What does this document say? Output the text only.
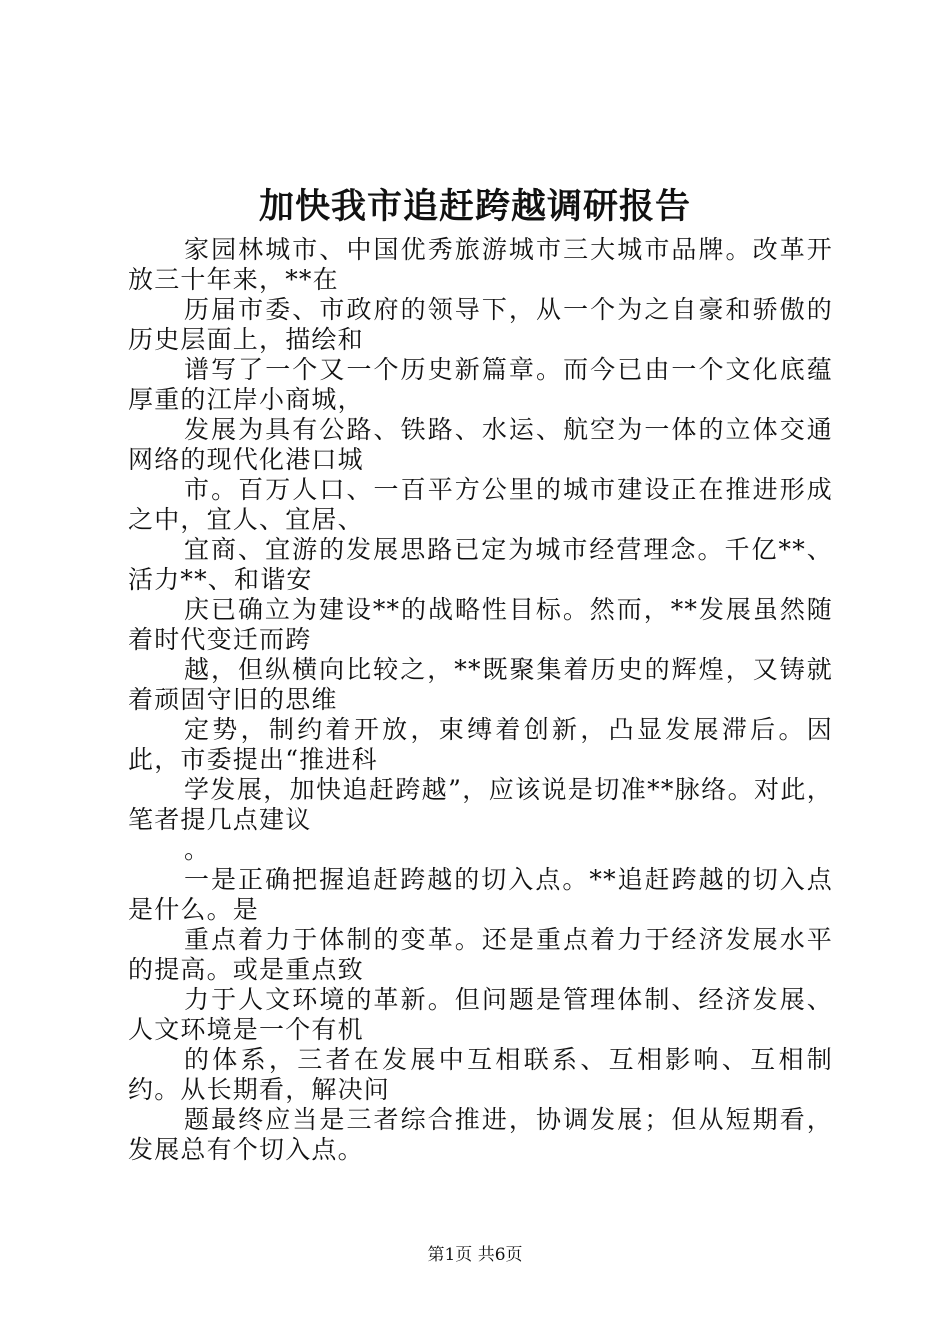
加快我市追赶跨越调研报告

家园林城市、中国优秀旅游城市三大城市品牌。改革开放三十年来，**在

历届市委、市政府的领导下，从一个为之自豪和骄傲的历史层面上，描绘和

谱写了一个又一个历史新篇章。而今已由一个文化底蕴厚重的江岸小商城，

发展为具有公路、铁路、水运、航空为一体的立体交通网络的现代化港口城

市。百万人口、一百平方公里的城市建设正在推进形成之中，宜人、宜居、

宜商、宜游的发展思路已定为城市经营理念。千亿**、活力**、和谐安

庆已确立为建设**的战略性目标。然而，**发展虽然随着时代变迁而跨

越，但纵横向比较之，**既聚集着历史的辉煌，又铸就着顽固守旧的思维

定势，制约着开放，束缚着创新，凸显发展滞后。因此，市委提出“推进科

学发展，加快追赶跨越”，应该说是切准**脉络。对此，笔者提几点建议

。

一是正确把握追赶跨越的切入点。**追赶跨越的切入点是什么。是

重点着力于体制的变革。还是重点着力于经济发展水平的提高。或是重点致

力于人文环境的革新。但问题是管理体制、经济发展、人文环境是一个有机

的体系，三者在发展中互相联系、互相影响、互相制约。从长期看，解决问

题最终应当是三者综合推进，协调发展；但从短期看，发展总有个切入点。

第1页 共6页
